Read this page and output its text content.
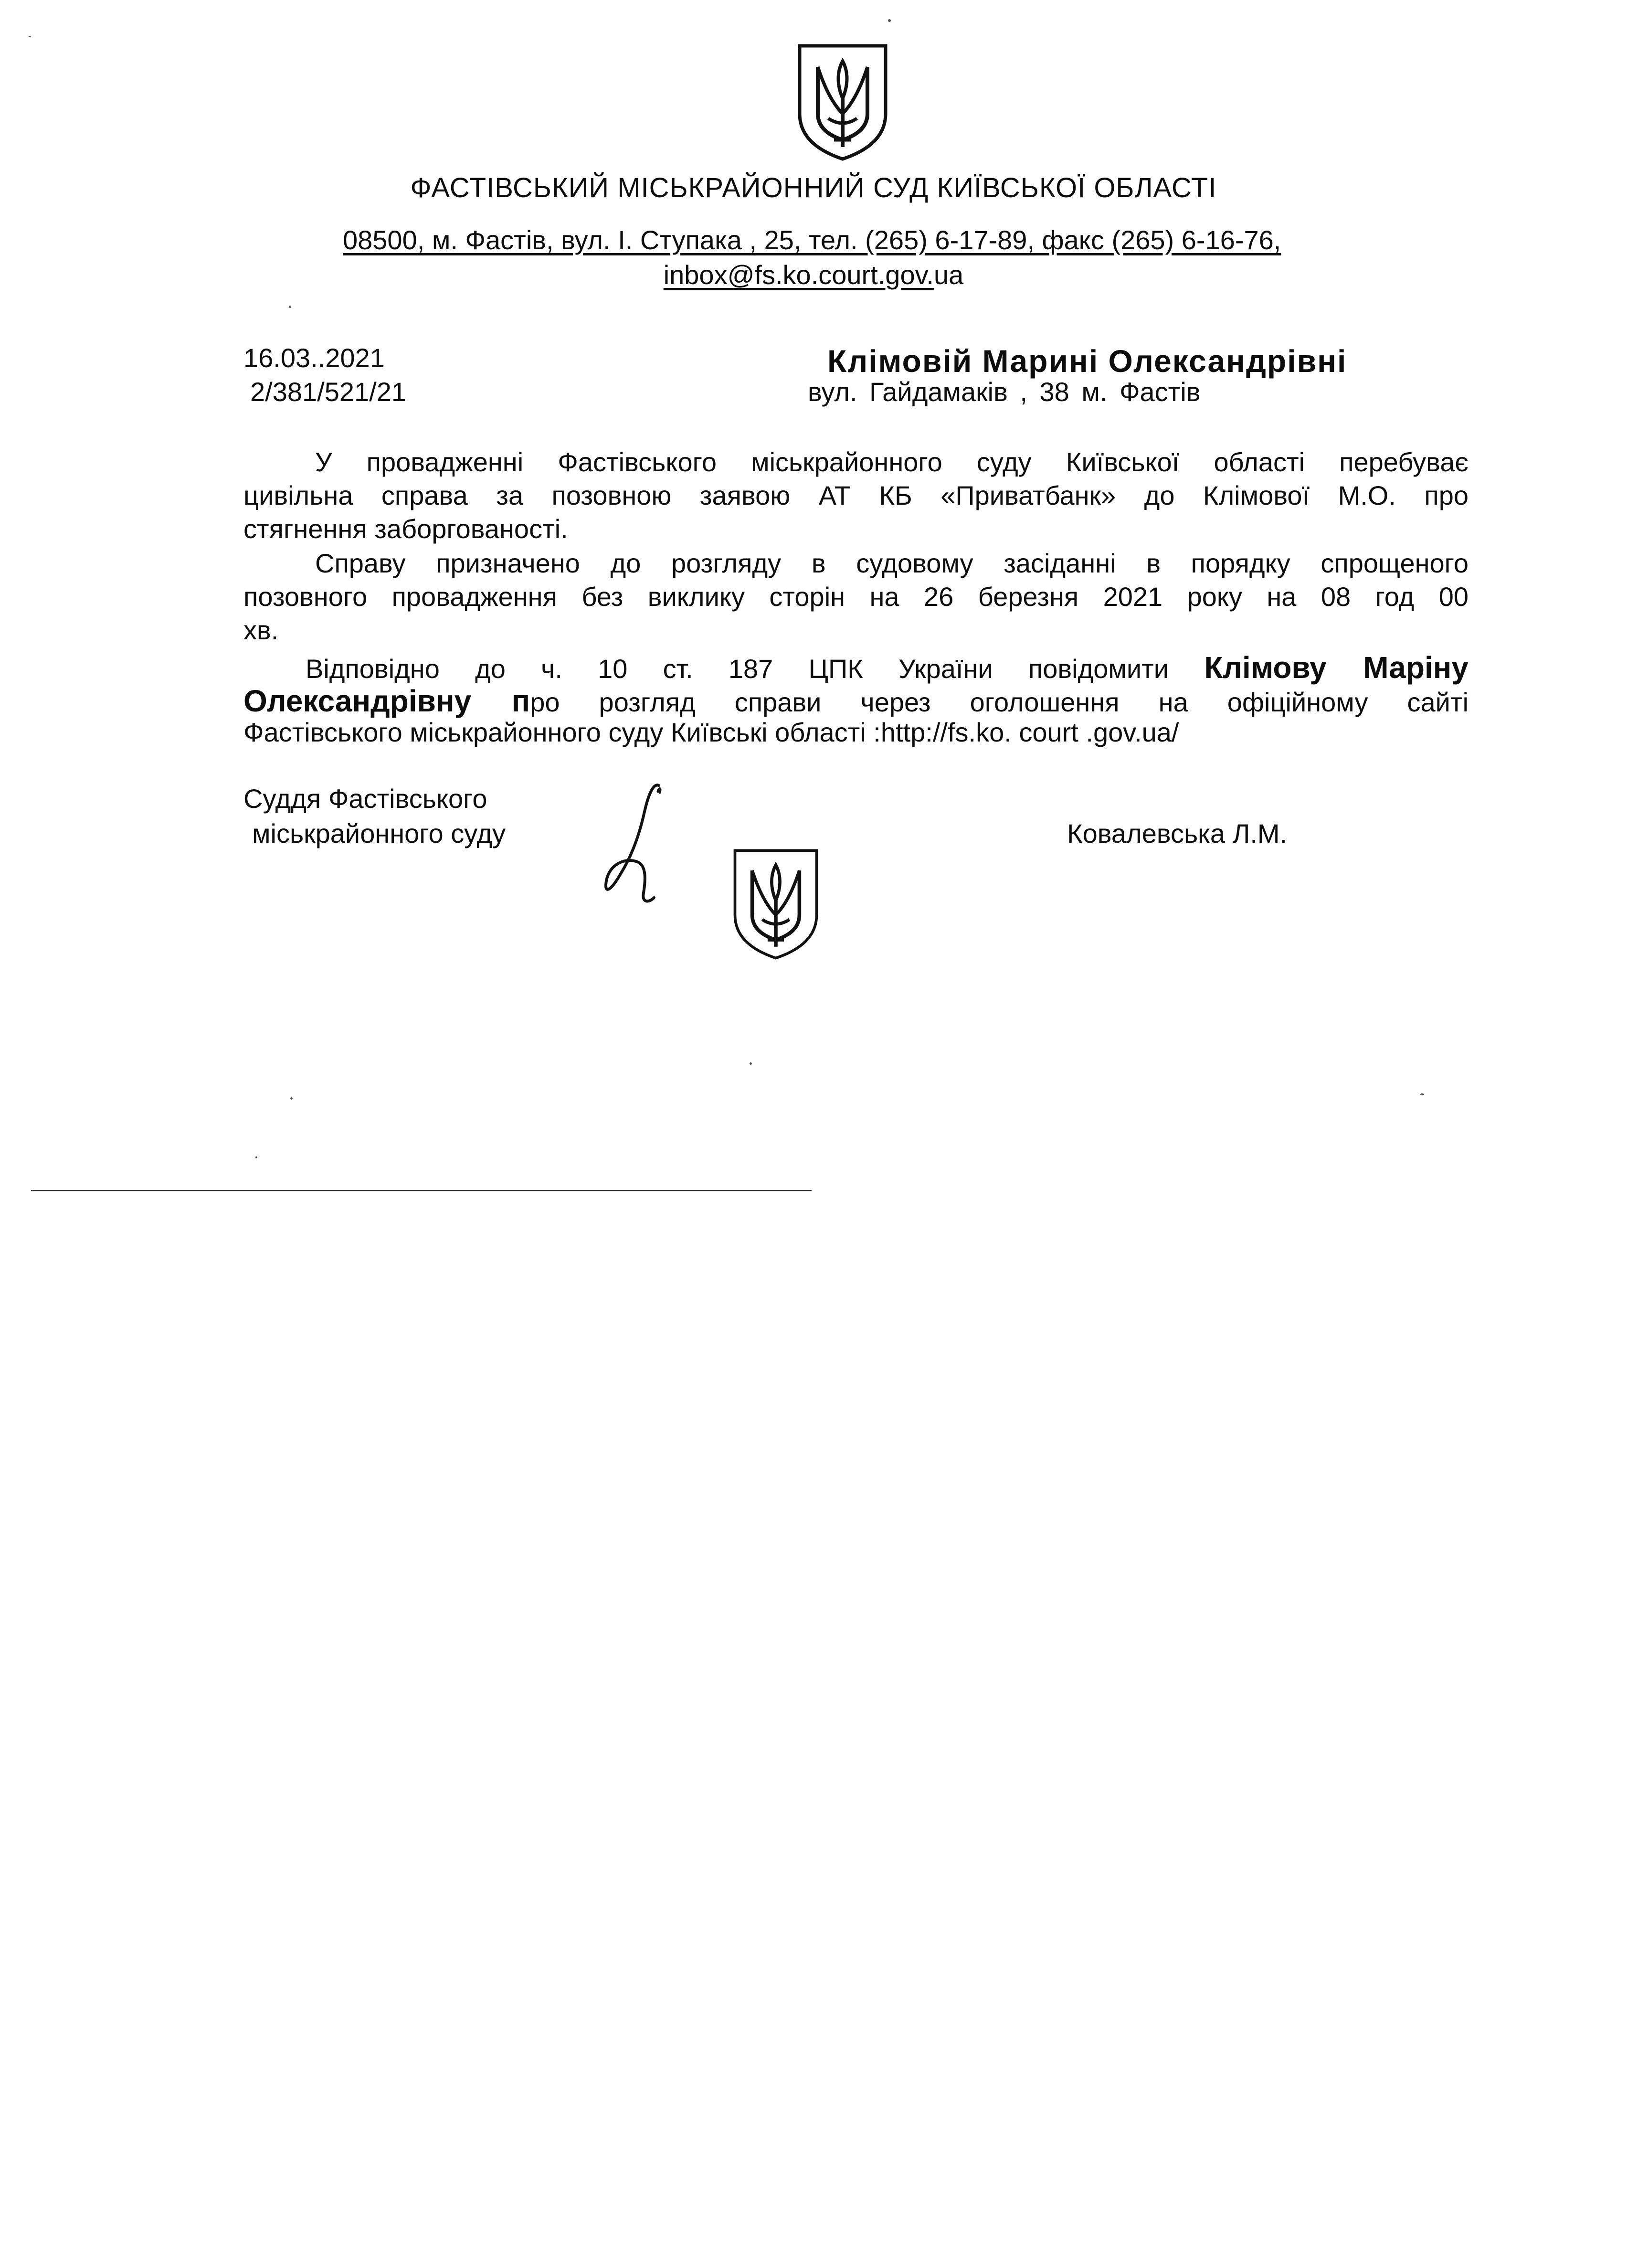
ФАСТІВСЬКИЙ МІСЬКРАЙОННИЙ СУД КИЇВСЬКОЇ ОБЛАСТІ
08500, м. Фастів, вул. І. Ступака , 25, тел. (265) 6-17-89, факс (265) 6-16-76,
inbox@fs.ko.court.gov.ua
16.03..2021
2/381/521/21
Клімовій Марині Олександрівні
вул. Гайдамаків , 38 м. Фастів
У провадженні Фастівського міськрайонного суду Київської області перебуває
цивільна справа за позовною заявою АТ КБ «Приватбанк» до Клімової М.О. про
стягнення заборгованості.
Справу призначено до розгляду в судовому засіданні в порядку спрощеного
позовного провадження без виклику сторін на 26 березня 2021 року на 08 год 00
хв.
Відповідно до ч. 10 ст. 187 ЦПК України повідомити Клімову Маріну
Олександрівну про розгляд справи через оголошення на офіційному сайті
Фастівського міськрайонного суду Київські області :http://fs.ko. court .gov.ua/
Суддя Фастівського
міськрайонного суду	Ковалевська Л.М.
